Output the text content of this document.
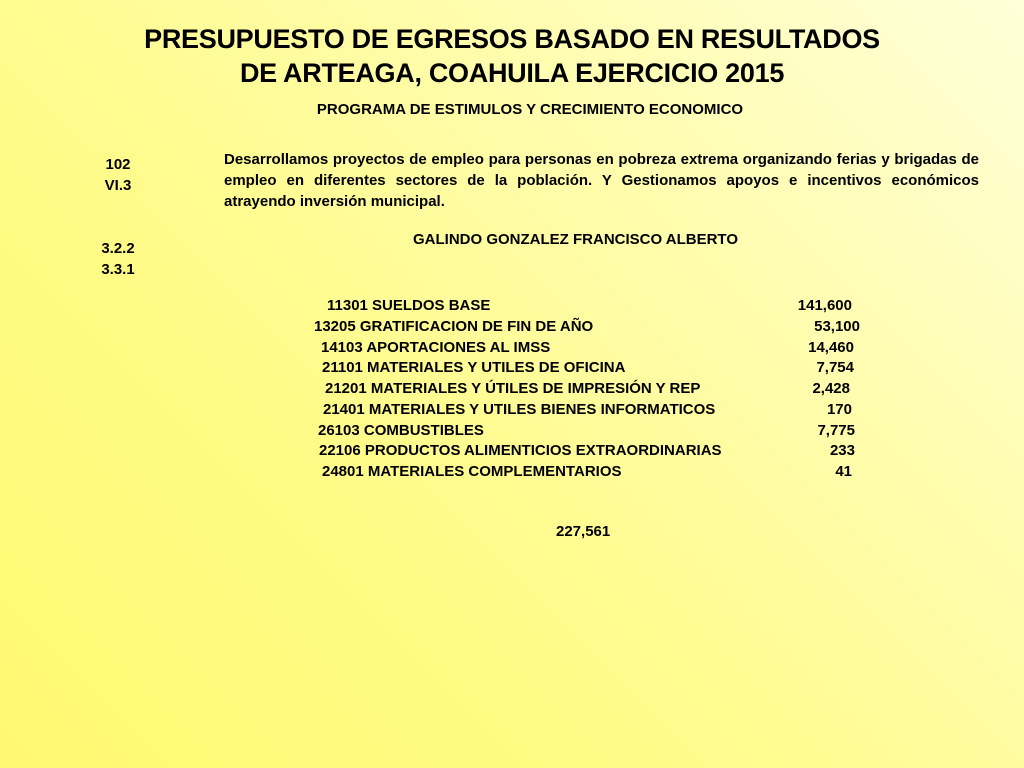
PRESUPUESTO DE EGRESOS BASADO EN RESULTADOS
DE ARTEAGA, COAHUILA EJERCICIO 2015
PROGRAMA DE ESTIMULOS Y CRECIMIENTO ECONOMICO
102
VI.3
3.2.2
3.3.1
Desarrollamos proyectos de empleo para personas en pobreza extrema organizando ferias y brigadas de empleo en diferentes sectores de la población. Y Gestionamos apoyos e incentivos económicos atrayendo inversión municipal.
GALINDO GONZALEZ FRANCISCO ALBERTO
11301 SUELDOS BASE	141,600
13205 GRATIFICACION DE FIN DE AÑO	53,100
14103 APORTACIONES AL IMSS	14,460
21101 MATERIALES Y UTILES DE OFICINA	7,754
21201 MATERIALES Y ÚTILES DE IMPRESIÓN Y REP	2,428
21401 MATERIALES Y UTILES BIENES INFORMATICOS	170
26103 COMBUSTIBLES	7,775
22106 PRODUCTOS ALIMENTICIOS EXTRAORDINARIAS	233
24801 MATERIALES COMPLEMENTARIOS	41
227,561
